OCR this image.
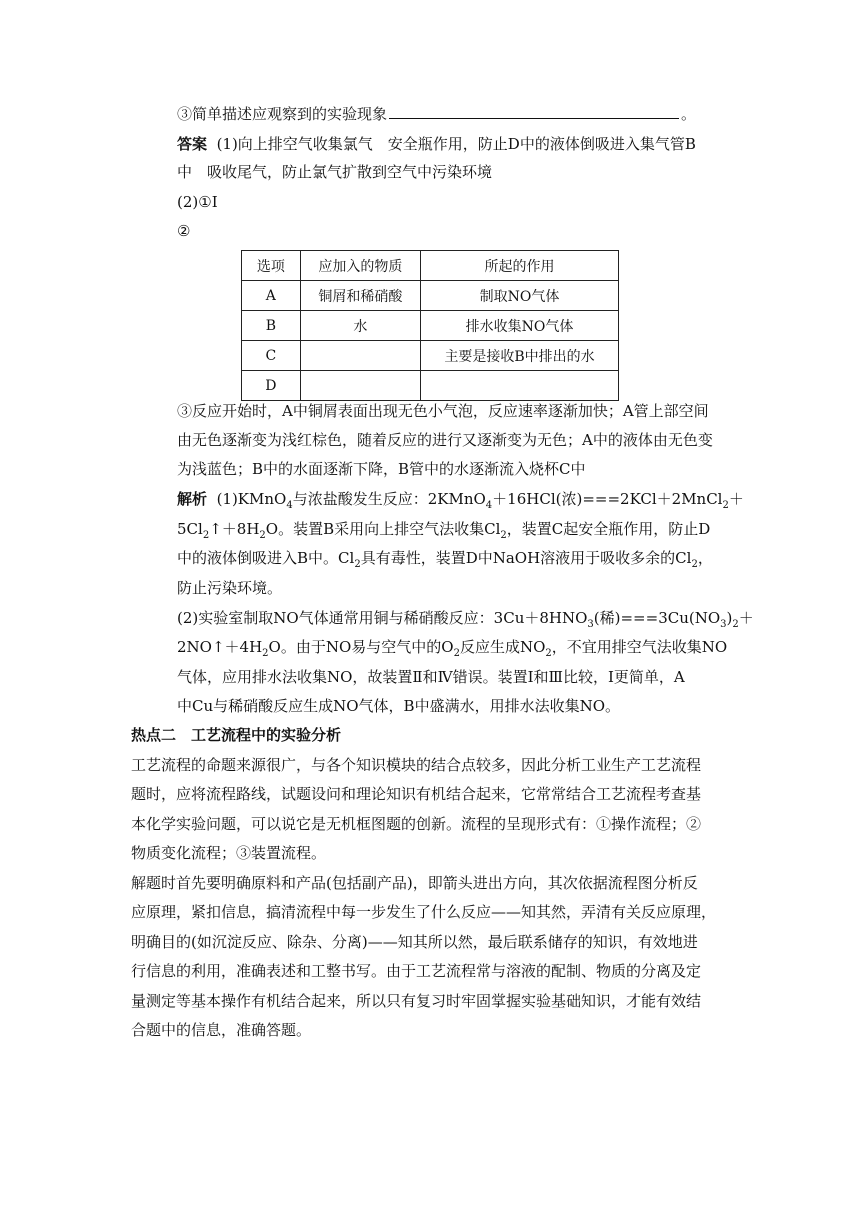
③简单描述应观察到的实验现象	。
答案 (1)向上排空气收集氯气　安全瓶作用，防止D中的液体倒吸进入集气管B
中　吸收尾气，防止氯气扩散到空气中污染环境
(2)①Ⅰ
②
选项	应加入的物质	所起的作用
A	铜屑和稀硝酸	制取NO气体
B	水	排水收集NO气体
C		主要是接收B中排出的水
D		
③反应开始时，A中铜屑表面出现无色小气泡，反应速率逐渐加快；A管上部空间
由无色逐渐变为浅红棕色，随着反应的进行又逐渐变为无色；A中的液体由无色变
为浅蓝色；B中的水面逐渐下降，B管中的水逐渐流入烧杯C中
解析 (1)KMnO$_4$与浓盐酸发生反应：2KMnO$_4$＋16HCl(浓)===2KCl＋2MnCl$_2$＋
$5Cl_2↑+8H_2O$。装置B采用向上排空气法收集$Cl_2$，装置C起安全瓶作用，防止D
中的液体倒吸进入B中。$Cl_2$具有毒性，装置D中NaOH溶液用于吸收多余的$Cl_2$，
防止污染环境。
(2)实验室制取NO气体通常用铜与稀硝酸反应：$3Cu+8HNO_3$(稀)$===3Cu(NO_3)_2+$
$2NO↑+4H_2O$。由于NO易与空气中的$O_2$反应生成$NO_2$，不宜用排空气法收集NO
气体，应用排水法收集NO，故装置Ⅱ和Ⅳ错误。装置Ⅰ和Ⅲ比较，Ⅰ更简单，A
中Cu与稀硝酸反应生成NO气体，B中盛满水，用排水法收集NO。
热点二　工艺流程中的实验分析
工艺流程的命题来源很广，与各个知识模块的结合点较多，因此分析工业生产工艺流程
题时，应将流程路线，试题设问和理论知识有机结合起来，它常常结合工艺流程考查基
本化学实验问题，可以说它是无机框图题的创新。流程的呈现形式有：①操作流程；②
物质变化流程；③装置流程。
解题时首先要明确原料和产品(包括副产品)，即箭头进出方向，其次依据流程图分析反
应原理，紧扣信息，搞清流程中每一步发生了什么反应——知其然，弄清有关反应原理，
明确目的(如沉淀反应、除杂、分离)——知其所以然，最后联系储存的知识，有效地进
行信息的利用，准确表述和工整书写。由于工艺流程常与溶液的配制、物质的分离及定
量测定等基本操作有机结合起来，所以只有复习时牢固掌握实验基础知识，才能有效结
合题中的信息，准确答题。
